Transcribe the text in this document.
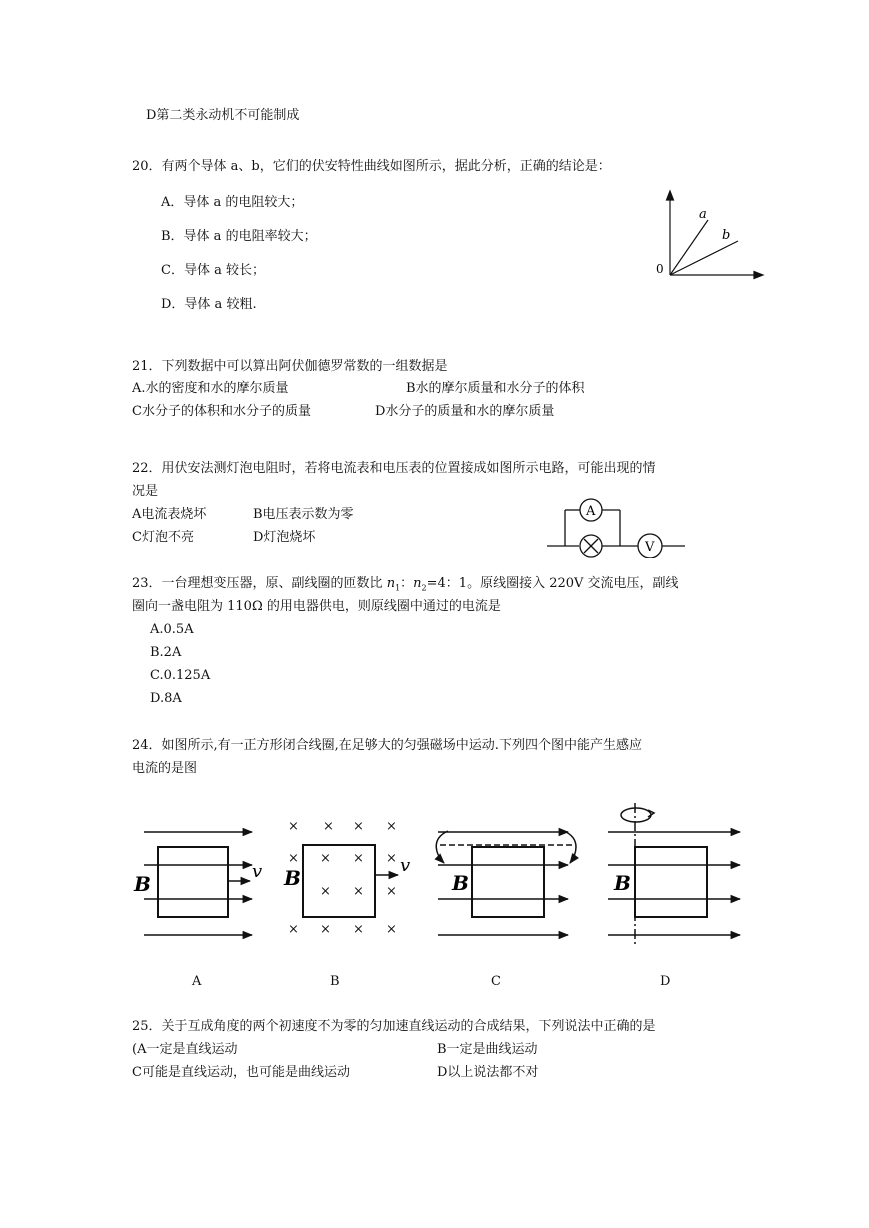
D第二类永动机不可能制成
20．有两个导体 a、b，它们的伏安特性曲线如图所示，据此分析，正确的结论是：
A．导体 a 的电阻较大；
B．导体 a 的电阻率较大；
C．导体 a 较长；
D．导体 a 较粗.
0
a
b
21．下列数据中可以算出阿伏伽德罗常数的一组数据是
A.水的密度和水的摩尔质量	B水的摩尔质量和水分子的体积
C水分子的体积和水分子的质量	D水分子的质量和水的摩尔质量
22．用伏安法测灯泡电阻时，若将电流表和电压表的位置接成如图所示电路，可能出现的情
况是
A电流表烧坏	B电压表示数为零
C灯泡不亮	D灯泡烧坏
A
V
23．一台理想变压器，原、副线圈的匝数比 $n_1$：$n_2=4$：1。原线圈接入 220V 交流电压，副线
圈向一盏电阻为 110Ω 的用电器供电，则原线圈中通过的电流是
A.0.5A
B.2A
C.0.125A
D.8A
24．如图所示,有一正方形闭合线圈,在足够大的匀强磁场中运动.下列四个图中能产生感应
电流的是图
B
v
× × × ×
× × × ×
× × ×
× × × ×
B
v
B	B
A	B	C	D
25．关于互成角度的两个初速度不为零的匀加速直线运动的合成结果，下列说法中正确的是
(A一定是直线运动	B一定是曲线运动
C可能是直线运动，也可能是曲线运动	D以上说法都不对
